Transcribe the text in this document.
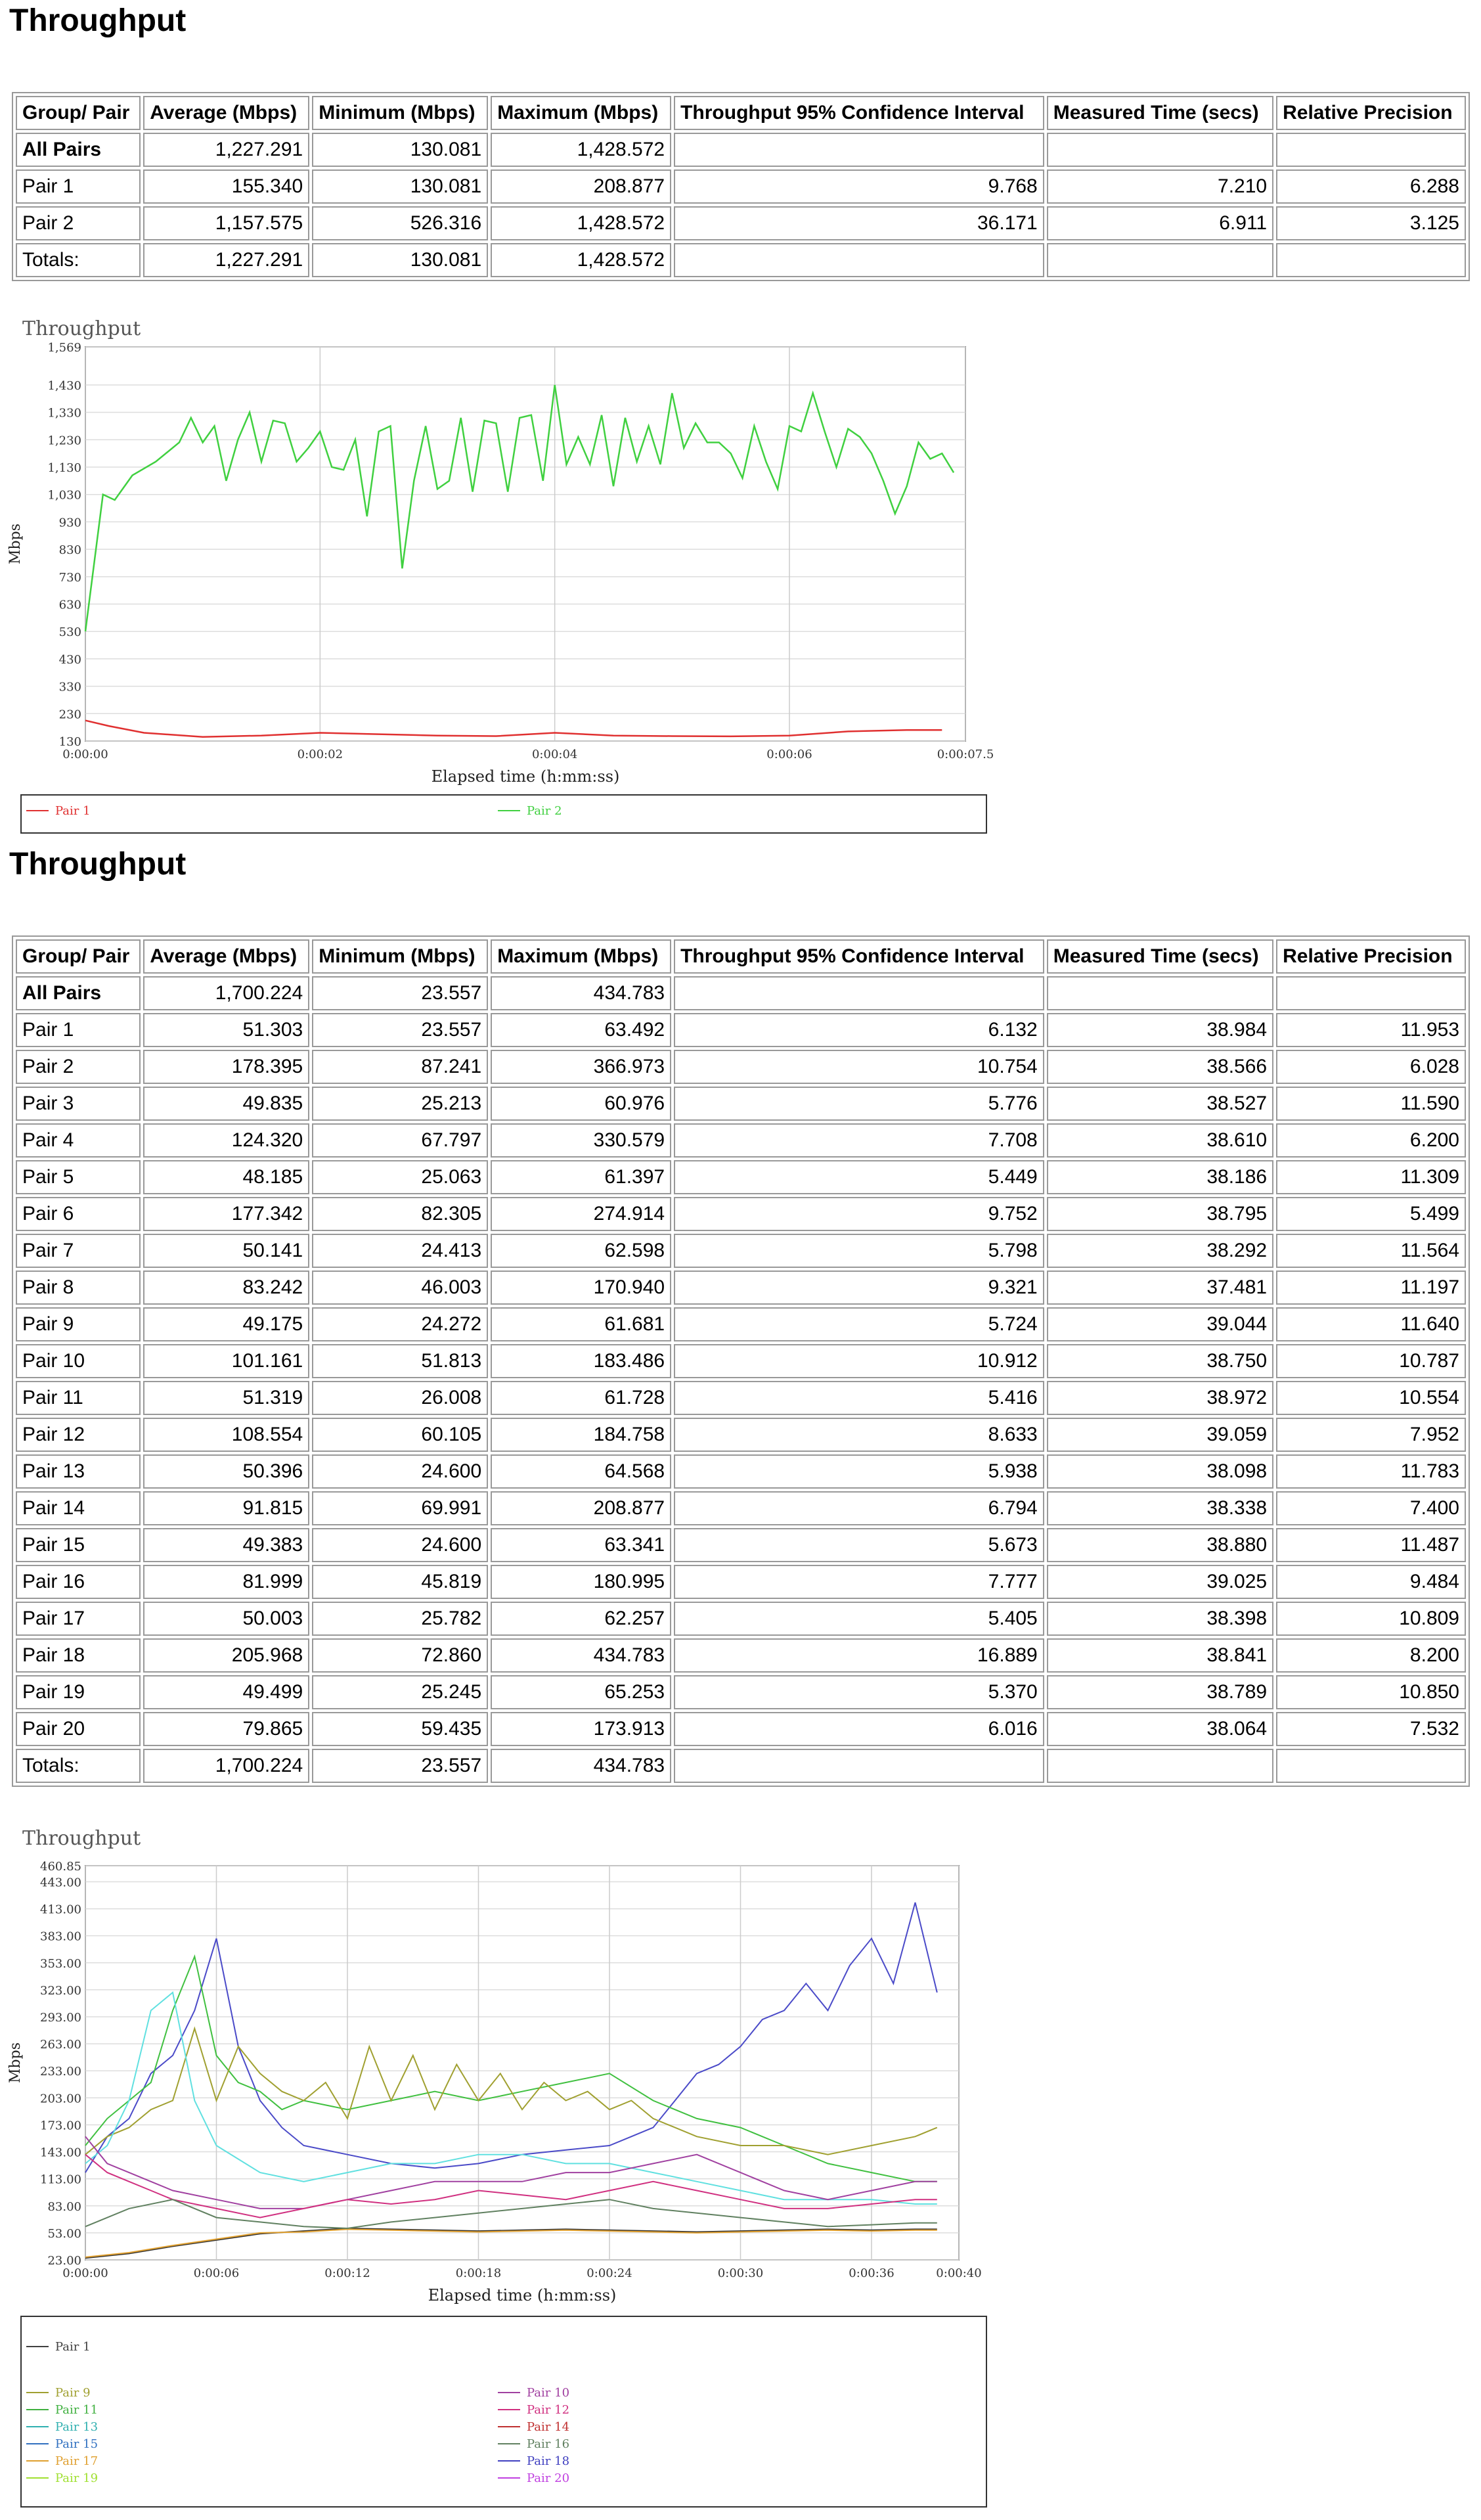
Throughput
Group/ Pair	Average (Mbps)	Minimum (Mbps)	Maximum (Mbps)	Throughput 95% Confidence Interval	Measured Time (secs)	Relative Precision
All Pairs	1,227.291	130.081	1,428.572			
Pair 1	155.340	130.081	208.877	9.768	7.210	6.288
Pair 2	1,157.575	526.316	1,428.572	36.171	6.911	3.125
Totals:	1,227.291	130.081	1,428.572			
Throughput
130
230
330
430
530
630
730
830
930
1,030
1,130
1,230
1,330
1,430
1,569
0:00:00	0:00:02	0:00:04	0:00:06	0:00:07.5
Elapsed time (h:mm:ss)
Mbps
Pair 1	Pair 2
Throughput
Group/ Pair	Average (Mbps)	Minimum (Mbps)	Maximum (Mbps)	Throughput 95% Confidence Interval	Measured Time (secs)	Relative Precision
All Pairs	1,700.224	23.557	434.783			
Pair 1	51.303	23.557	63.492	6.132	38.984	11.953
Pair 2	178.395	87.241	366.973	10.754	38.566	6.028
Pair 3	49.835	25.213	60.976	5.776	38.527	11.590
Pair 4	124.320	67.797	330.579	7.708	38.610	6.200
Pair 5	48.185	25.063	61.397	5.449	38.186	11.309
Pair 6	177.342	82.305	274.914	9.752	38.795	5.499
Pair 7	50.141	24.413	62.598	5.798	38.292	11.564
Pair 8	83.242	46.003	170.940	9.321	37.481	11.197
Pair 9	49.175	24.272	61.681	5.724	39.044	11.640
Pair 10	101.161	51.813	183.486	10.912	38.750	10.787
Pair 11	51.319	26.008	61.728	5.416	38.972	10.554
Pair 12	108.554	60.105	184.758	8.633	39.059	7.952
Pair 13	50.396	24.600	64.568	5.938	38.098	11.783
Pair 14	91.815	69.991	208.877	6.794	38.338	7.400
Pair 15	49.383	24.600	63.341	5.673	38.880	11.487
Pair 16	81.999	45.819	180.995	7.777	39.025	9.484
Pair 17	50.003	25.782	62.257	5.405	38.398	10.809
Pair 18	205.968	72.860	434.783	16.889	38.841	8.200
Pair 19	49.499	25.245	65.253	5.370	38.789	10.850
Pair 20	79.865	59.435	173.913	6.016	38.064	7.532
Totals:	1,700.224	23.557	434.783			
Throughput
23.00
53.00
83.00
113.00
143.00
173.00
203.00
233.00
263.00
293.00
323.00
353.00
383.00
413.00
443.00
460.85
0:00:00	0:00:06	0:00:12	0:00:18	0:00:24	0:00:30	0:00:36	0:00:40
Elapsed time (h:mm:ss)
Mbps
Pair 1
Pair 9
Pair 11
Pair 13
Pair 15
Pair 17
Pair 19
Pair 10
Pair 12
Pair 14
Pair 16
Pair 18
Pair 20
